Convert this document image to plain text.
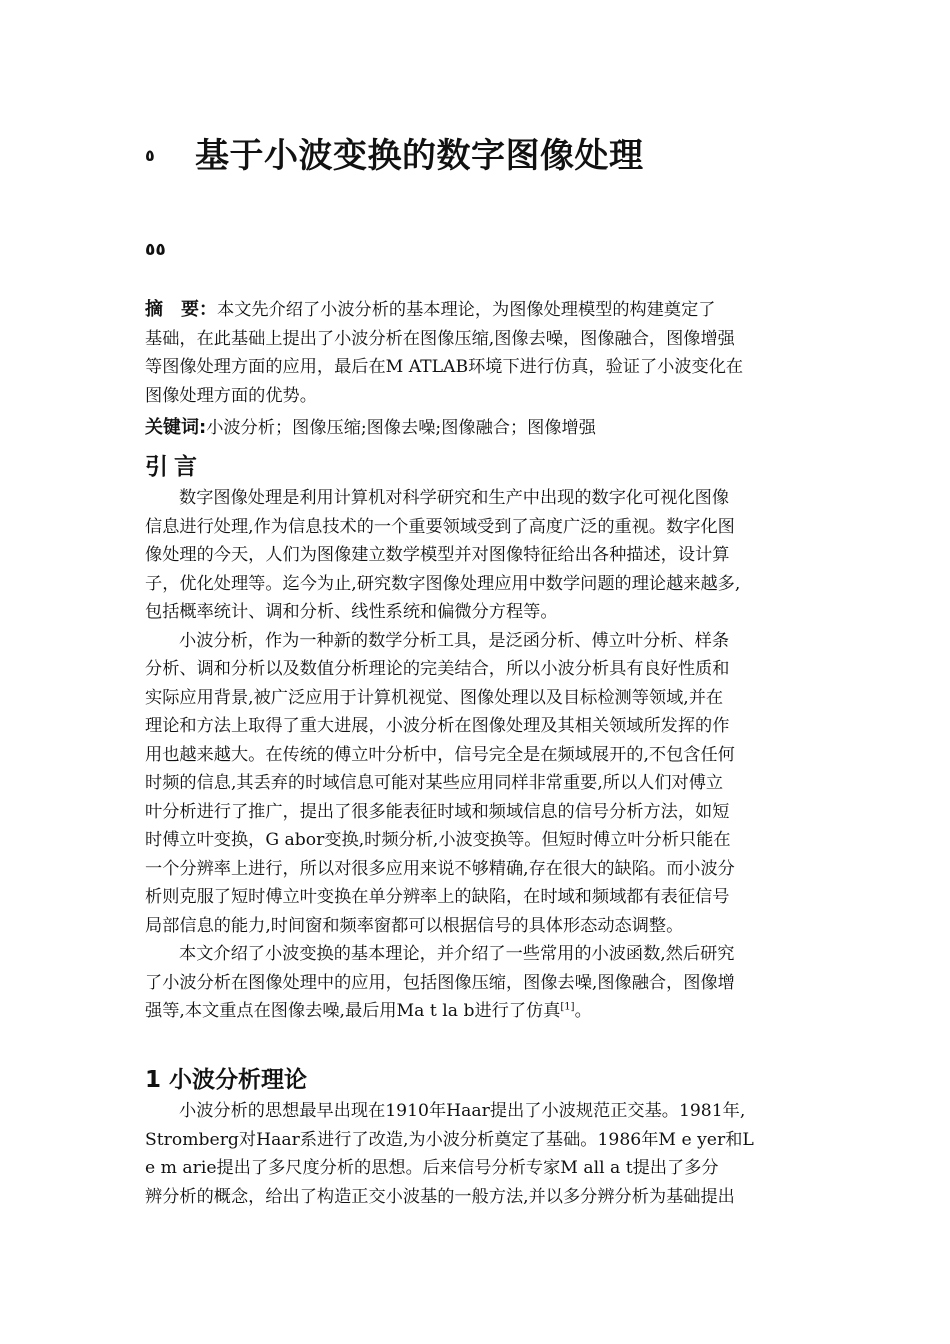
٥ 基于小波变换的数字图像处理
٥٥
摘　要：本文先介绍了小波分析的基本理论，为图像处理模型的构建奠定了
基础，在此基础上提出了小波分析在图像压缩,图像去噪，图像融合，图像增强
等图像处理方面的应用，最后在M ATLAB环境下进行仿真，验证了小波变化在
图像处理方面的优势。
关键词:小波分析；图像压缩;图像去噪;图像融合；图像增强
引言
数字图像处理是利用计算机对科学研究和生产中出现的数字化可视化图像
信息进行处理,作为信息技术的一个重要领域受到了高度广泛的重视。数字化图
像处理的今天，人们为图像建立数学模型并对图像特征给出各种描述，设计算
子，优化处理等。迄今为止,研究数字图像处理应用中数学问题的理论越来越多,
包括概率统计、调和分析、线性系统和偏微分方程等。
小波分析，作为一种新的数学分析工具，是泛函分析、傅立叶分析、样条
分析、调和分析以及数值分析理论的完美结合，所以小波分析具有良好性质和
实际应用背景,被广泛应用于计算机视觉、图像处理以及目标检测等领域,并在
理论和方法上取得了重大进展，小波分析在图像处理及其相关领域所发挥的作
用也越来越大。在传统的傅立叶分析中，信号完全是在频域展开的,不包含任何
时频的信息,其丢弃的时域信息可能对某些应用同样非常重要,所以人们对傅立
叶分析进行了推广，提出了很多能表征时域和频域信息的信号分析方法，如短
时傅立叶变换，G abor变换,时频分析,小波变换等。但短时傅立叶分析只能在
一个分辨率上进行，所以对很多应用来说不够精确,存在很大的缺陷。而小波分
析则克服了短时傅立叶变换在单分辨率上的缺陷，在时域和频域都有表征信号
局部信息的能力,时间窗和频率窗都可以根据信号的具体形态动态调整。
本文介绍了小波变换的基本理论，并介绍了一些常用的小波函数,然后研究
了小波分析在图像处理中的应用，包括图像压缩，图像去噪,图像融合，图像增
强等,本文重点在图像去噪,最后用Ma t la b进行了仿真[1]。
1 小波分析理论
小波分析的思想最早出现在1910年Haar提出了小波规范正交基。1981年,
Stromberg对Haar系进行了改造,为小波分析奠定了基础。1986年M e yer和L
e m arie提出了多尺度分析的思想。后来信号分析专家M all a t提出了多分
辨分析的概念，给出了构造正交小波基的一般方法,并以多分辨分析为基础提出
